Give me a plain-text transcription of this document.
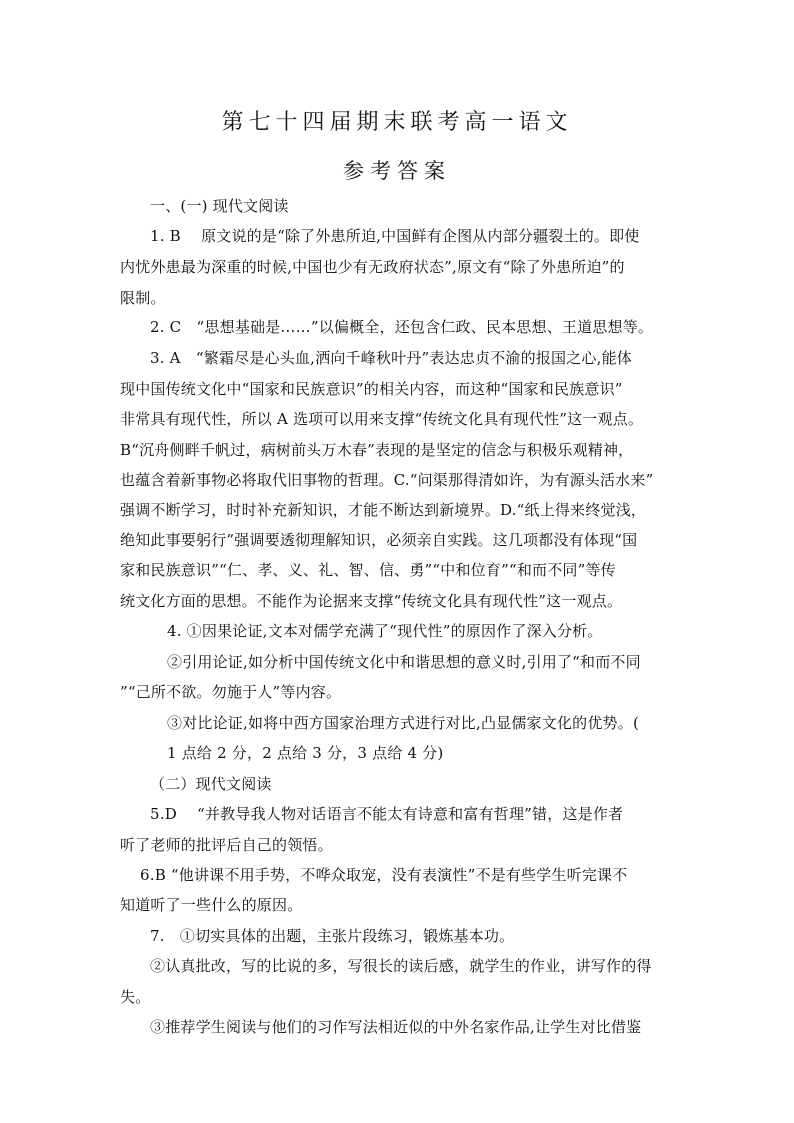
第七十四届期末联考高一语文
参考答案
一、(一) 现代文阅读
1. B　 原文说的是“除了外患所迫,中国鲜有企图从内部分疆裂土的。即使
内忧外患最为深重的时候,中国也少有无政府状态”,原文有“除了外患所迫”的
限制。
2. C　“思想基础是……”以偏概全，还包含仁政、民本思想、王道思想等。
3. A　“繁霜尽是心头血,洒向千峰秋叶丹”表达忠贞不渝的报国之心,能体
现中国传统文化中“国家和民族意识”的相关内容，而这种“国家和民族意识”
非常具有现代性，所以 A 选项可以用来支撑“传统文化具有现代性”这一观点。
B“沉舟侧畔千帆过，病树前头万木春”表现的是坚定的信念与积极乐观精神，
也蕴含着新事物必将取代旧事物的哲理。C.“问渠那得清如许，为有源头活水来”
强调不断学习，时时补充新知识，才能不断达到新境界。D.“纸上得来终觉浅，
绝知此事要躬行”强调要透彻理解知识，必须亲自实践。这几项都没有体现“国
家和民族意识”“仁、孝、义、礼、智、信、勇”“中和位育”“和而不同”等传
统文化方面的思想。不能作为论据来支撑“传统文化具有现代性”这一观点。
4. ①因果论证,文本对儒学充满了“现代性”的原因作了深入分析。
②引用论证,如分析中国传统文化中和谐思想的意义时,引用了“和而不同
”“己所不欲。勿施于人”等内容。
③对比论证,如将中西方国家治理方式进行对比,凸显儒家文化的优势。(
1 点给 2 分，2 点给 3 分，3 点给 4 分)
（二）现代文阅读
5.D　 “并教导我人物对话语言不能太有诗意和富有哲理”错，这是作者
听了老师的批评后自己的领悟。
6.B “他讲课不用手势，不哗众取宠，没有表演性”不是有些学生听完课不
知道听了一些什么的原因。
7.　①切实具体的出题，主张片段练习，锻炼基本功。
②认真批改，写的比说的多，写很长的读后感，就学生的作业，讲写作的得
失。
③推荐学生阅读与他们的习作写法相近似的中外名家作品,让学生对比借鉴
